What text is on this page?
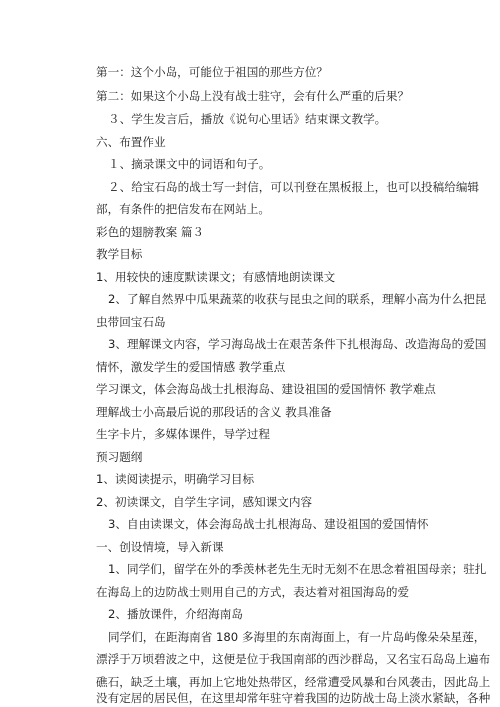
第一：这个小岛，可能位于祖国的那些方位？
第二：如果这个小岛上没有战士驻守，会有什么严重的后果？
３、学生发言后，播放《说句心里话》结束课文教学。
六、布置作业
１、摘录课文中的词语和句子。
２、给宝石岛的战士写一封信，可以刊登在黑板报上，也可以投稿给编辑
部，有条件的把信发布在网站上。
彩色的翅膀教案 篇３
教学目标
1、用较快的速度默读课文；有感情地朗读课文
2、了解自然界中瓜果蔬菜的收获与昆虫之间的联系，理解小高为什么把昆
虫带回宝石岛
3、理解课文内容，学习海岛战士在艰苦条件下扎根海岛、改造海岛的爱国
情怀，激发学生的爱国情感 教学重点
学习课文，体会海岛战士扎根海岛、建设祖国的爱国情怀 教学难点
理解战士小高最后说的那段话的含义 教具准备
生字卡片，多媒体课件，导学过程
预习题纲
1、读阅读提示，明确学习目标
2、初读课文，自学生字词，感知课文内容
3、自由读课文，体会海岛战士扎根海岛、建设祖国的爱国情怀
一、创设情境，导入新课
1、同学们，留学在外的季羡林老先生无时无刻不在思念着祖国母亲；驻扎
在海岛上的边防战士则用自己的方式，表达着对祖国海岛的爱
2、播放课件，介绍海南岛
同学们，在距海南省 180 多海里的东南海面上，有一片岛屿像朵朵星莲，
漂浮于万顷碧波之中，这便是位于我国南部的西沙群岛，又名宝石岛岛上遍布
礁石，缺乏土壤，再加上它地处热带区，经常遭受风暴和台风袭击，因此岛上
没有定居的居民但，在这里却常年驻守着我国的边防战士岛上淡水紧缺，各种
